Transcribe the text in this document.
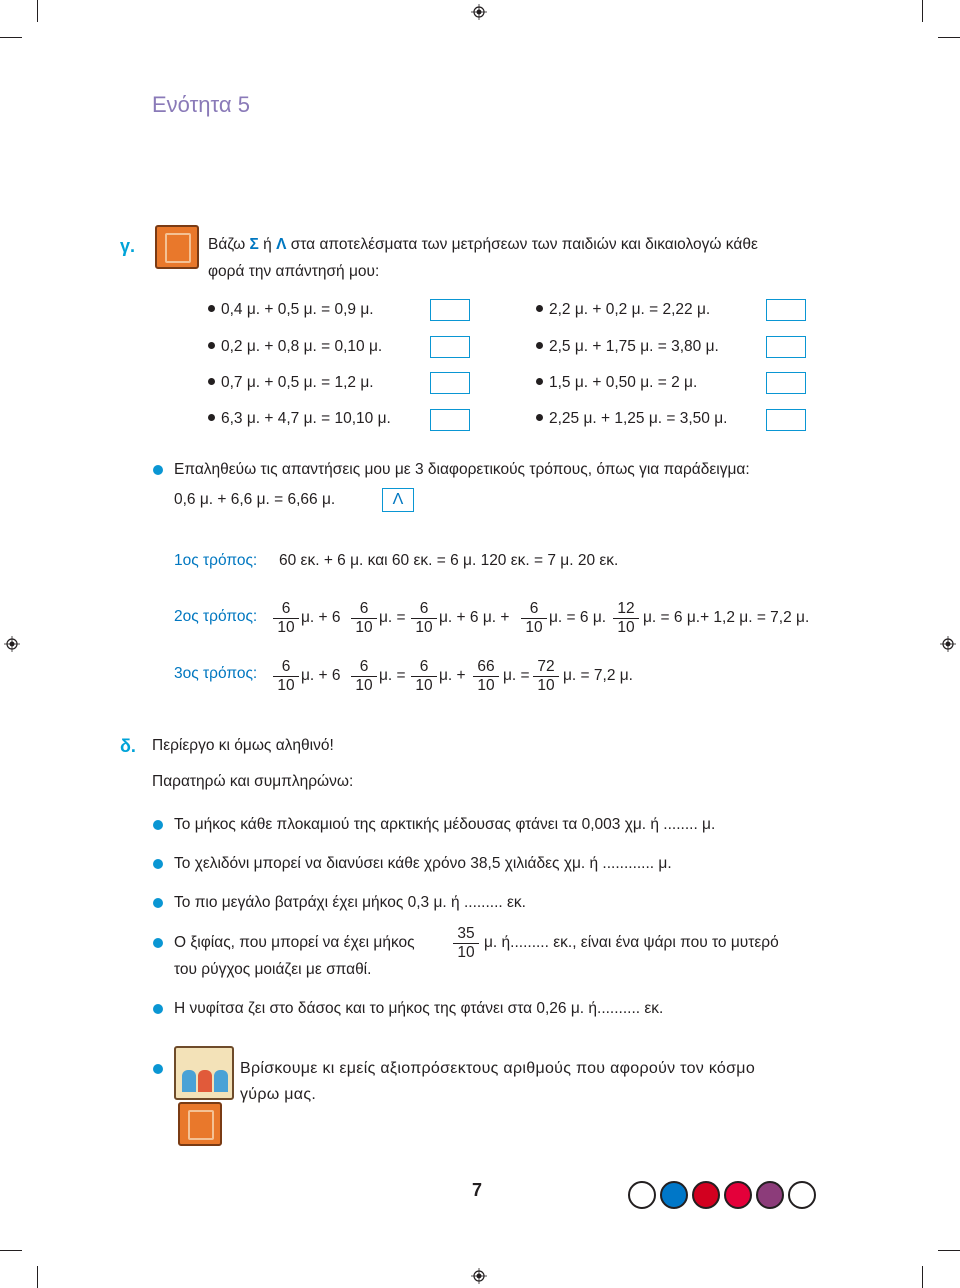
Ενότητα 5
γ.	Βάζω Σ ή Λ στα αποτελέσματα των μετρήσεων των παιδιών και δικαιολογώ κάθε
φορά την απάντησή μου:
0,4 μ. + 0,5 μ. = 0,9 μ.
0,2 μ. + 0,8 μ. = 0,10 μ.
0,7 μ. + 0,5 μ. = 1,2 μ.
6,3 μ. + 4,7 μ. = 10,10 μ.
2,2 μ. + 0,2 μ. = 2,22 μ.
2,5 μ. + 1,75 μ. = 3,80 μ.
1,5 μ. + 0,50 μ. = 2 μ.
2,25 μ. + 1,25 μ. = 3,50 μ.
Επαληθεύω τις απαντήσεις μου με 3 διαφορετικούς τρόπους, όπως για παράδειγμα:
0,6 μ. + 6,6 μ. = 6,66 μ.	Λ
1ος τρόπος: 60 εκ. + 6 μ. και 60 εκ. = 6 μ. 120 εκ. = 7 μ. 20 εκ.
2ος τρόπος: $\frac{6}{10} \mu$. + $6 \frac{6}{10} \mu$. = $\frac{6}{10} \mu$. + 6 μ. + $\frac{6}{10} \mu$. = 6 μ. $\frac{12}{10} \mu$. = 6 μ.+ 1,2 μ. = 7,2 μ.
3ος τρόπος: $\frac{6}{10} \mu$. + $6 \frac{6}{10} \mu$. = $\frac{6}{10} \mu$. + $\frac{66}{10} \mu$. = $\frac{72}{10} \mu$. = 7,2 μ.
δ. Περίεργο κι όμως αληθινό!
Παρατηρώ και συμπληρώνω:
Το μήκος κάθε πλοκαμιού της αρκτικής μέδουσας φτάνει τα 0,003 χμ. ή ........ μ.
Το χελιδόνι μπορεί να διανύσει κάθε χρόνο 38,5 χιλιάδες χμ. ή ............ μ.
Το πιο μεγάλο βατράχι έχει μήκος 0,3 μ. ή ......... εκ.
Ο ξιφίας, που μπορεί να έχει μήκος $\frac{35}{10} \mu$. ή......... εκ., είναι ένα ψάρι που το μυτερό
του ρύγχος μοιάζει με σπαθί.
Η νυφίτσα ζει στο δάσος και το μήκος της φτάνει στα 0,26 μ. ή.......... εκ.
Βρίσκουμε κι εμείς αξιοπρόσεκτους αριθμούς που αφορούν τον κόσμο
γύρω μας.
7
